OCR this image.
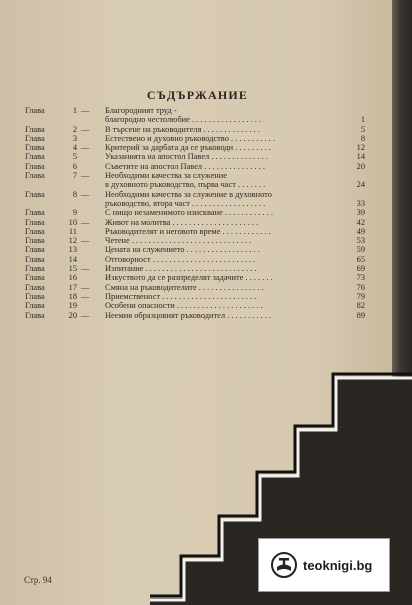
СЪДЪРЖАНИЕ
Глава	1 — Благородният труд -
благородно честолюбие . . . . . . . . . . . . . . . . .	1
Глава	2 — В търсене на ръководителя . . . . . . . . . . . . . .	5
Глава	3	Естествено и духовно ръководство . . . . . . . . . . .	8
Глава	4 — Критерий за дарбата да се ръководи . . . . . . . . .	12
Глава	5	Указанията на апостол Павел . . . . . . . . . . . . . .	14
Глава	6	Съветите на апостол Павел . . . . . . . . . . . . . . .	20
Глава	7 — Необходими качества за служение
в духовното ръководство, първа част . . . . . . .	24
Глава	8 — Необходими качества за служение в духовното
ръководство, втора част . . . . . . . . . . . . . . . . . .	33
Глава	9	С нищо незаменимото изискване . . . . . . . . . . . .	39
Глава	10 — Живот на молитва . . . . . . . . . . . . . . . . . . . . .	42
Глава	11	Ръководителят и неговото време . . . . . . . . . . . .	49
Глава	12 — Четене . . . . . . . . . . . . . . . . . . . . . . . . . . . . .	53
Глава	13	Цената на служението . . . . . . . . . . . . . . . . . .	59
Глава	14	Отговорност . . . . . . . . . . . . . . . . . . . . . . . . .	65
Глава	15 — Изпитание . . . . . . . . . . . . . . . . . . . . . . . . . . .	69
Глава	16	Изкуството да се разпределят задачите . . . . . . .	73
Глава	17 — Смяна на ръководителите . . . . . . . . . . . . . . . .	76
Глава	18 — Приемственост . . . . . . . . . . . . . . . . . . . . . . .	79
Глава	19	Особени опасности . . . . . . . . . . . . . . . . . . . . .	82
Глава	20 — Неемия образцовият ръководител . . . . . . . . . . .	89
Стр. 94
teoknigi.bg
